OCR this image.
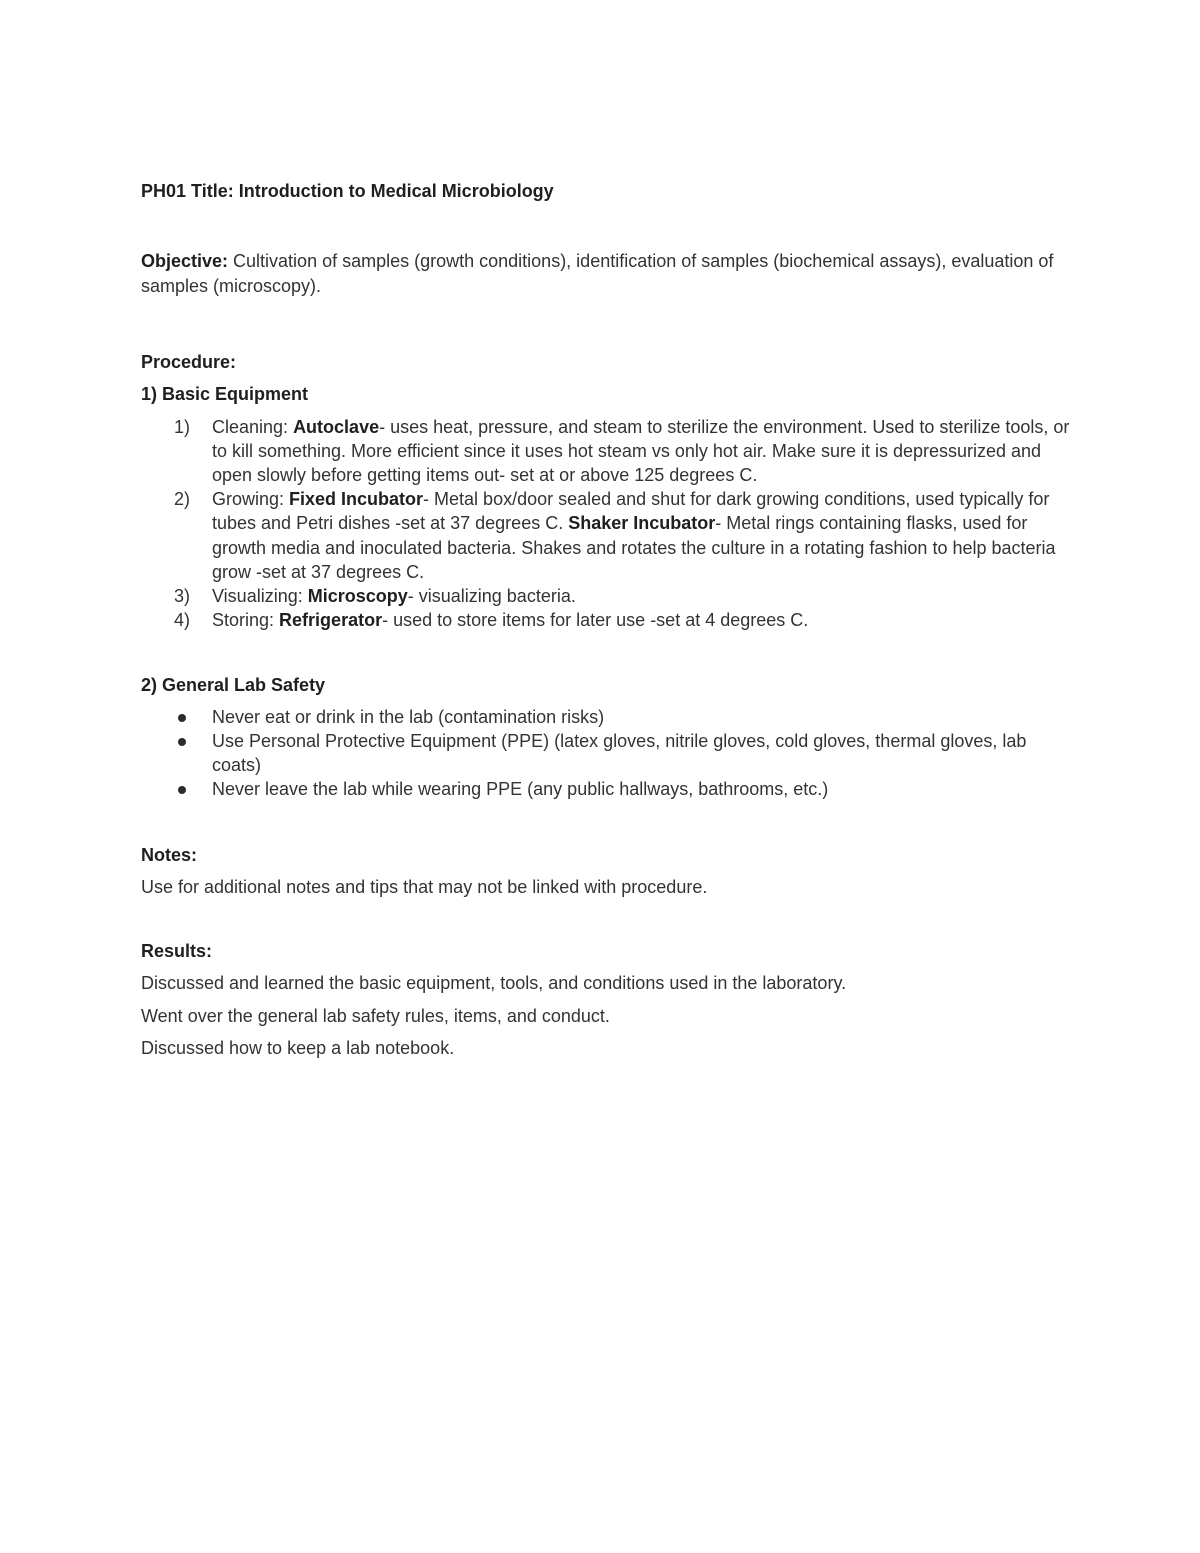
PH01 Title: Introduction to Medical Microbiology
Objective: Cultivation of samples (growth conditions), identification of samples (biochemical assays), evaluation of
samples (microscopy).
Procedure:
1) Basic Equipment
1) Cleaning: Autoclave- uses heat, pressure, and steam to sterilize the environment. Used to sterilize tools, or
to kill something. More efficient since it uses hot steam vs only hot air. Make sure it is depressurized and
open slowly before getting items out- set at or above 125 degrees C.
2) Growing: Fixed Incubator- Metal box/door sealed and shut for dark growing conditions, used typically for
tubes and Petri dishes -set at 37 degrees C. Shaker Incubator- Metal rings containing flasks, used for
growth media and inoculated bacteria. Shakes and rotates the culture in a rotating fashion to help bacteria
grow -set at 37 degrees C.
3) Visualizing: Microscopy- visualizing bacteria.
4) Storing: Refrigerator- used to store items for later use -set at 4 degrees C.
2) General Lab Safety
Never eat or drink in the lab (contamination risks)
Use Personal Protective Equipment (PPE) (latex gloves, nitrile gloves, cold gloves, thermal gloves, lab
coats)
Never leave the lab while wearing PPE (any public hallways, bathrooms, etc.)
Notes:
Use for additional notes and tips that may not be linked with procedure.
Results:
Discussed and learned the basic equipment, tools, and conditions used in the laboratory.
Went over the general lab safety rules, items, and conduct.
Discussed how to keep a lab notebook.
